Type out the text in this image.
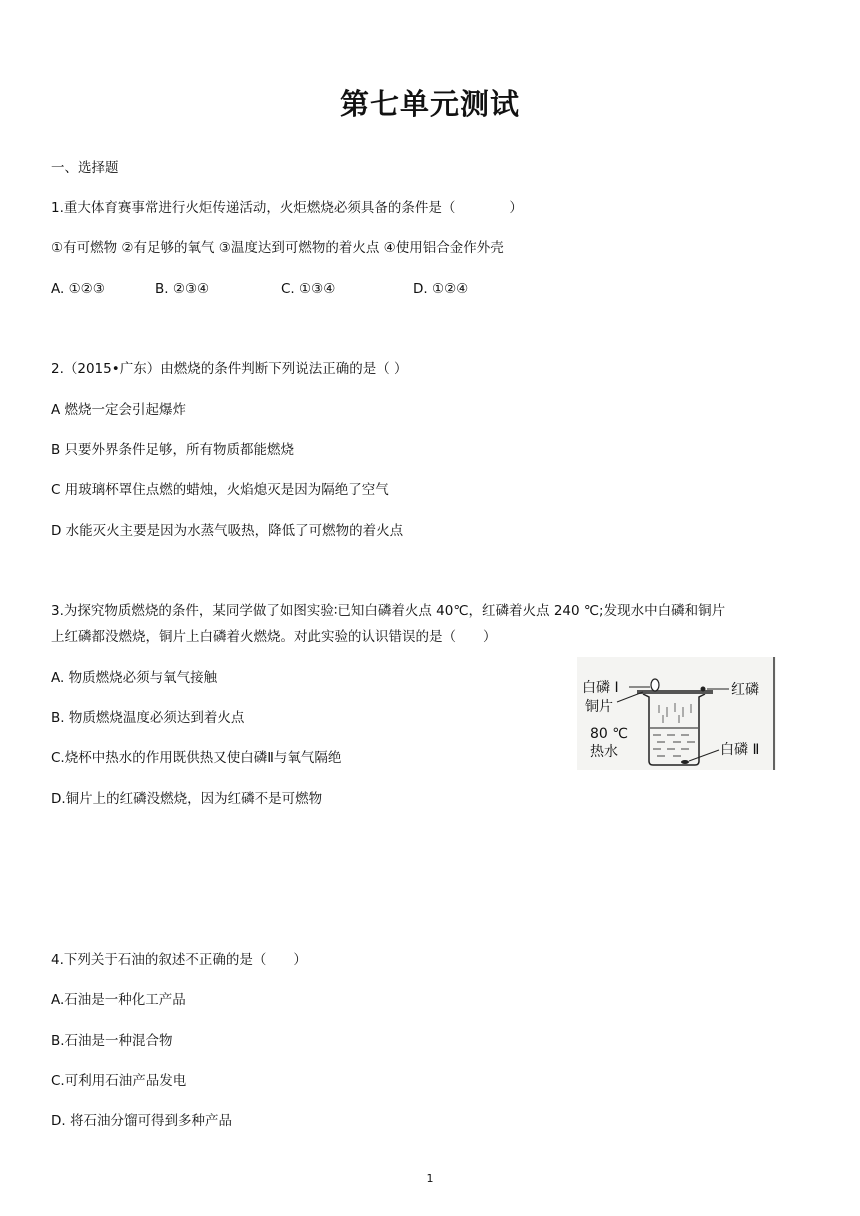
第七单元测试
一、选择题
1.重大体育赛事常进行火炬传递活动，火炬燃烧必须具备的条件是（　　　　）
①有可燃物 ②有足够的氧气 ③温度达到可燃物的着火点 ④使用铝合金作外壳
A. ①②③	B. ②③④	C. ①③④	D. ①②④
2.（2015•广东）由燃烧的条件判断下列说法正确的是（ ）
A 燃烧一定会引起爆炸
B 只要外界条件足够，所有物质都能燃烧
C 用玻璃杯罩住点燃的蜡烛，火焰熄灭是因为隔绝了空气
D 水能灭火主要是因为水蒸气吸热，降低了可燃物的着火点
3.为探究物质燃烧的条件，某同学做了如图实验∶已知白磷着火点 40℃，红磷着火点 240 ℃;发现水中白磷和铜片
上红磷都没燃烧，铜片上白磷着火燃烧。对此实验的认识错误的是（　　）
A. 物质燃烧必须与氧气接触
B. 物质燃烧温度必须达到着火点
C.烧杯中热水的作用既供热又使白磷Ⅱ与氧气隔绝
D.铜片上的红磷没燃烧，因为红磷不是可燃物
白磷 I
铜片
80 ℃
热水
红磷
白磷 Ⅱ
4.下列关于石油的叙述不正确的是（　　）
A.石油是一种化工产品
B.石油是一种混合物
C.可利用石油产品发电
D. 将石油分馏可得到多种产品
1
